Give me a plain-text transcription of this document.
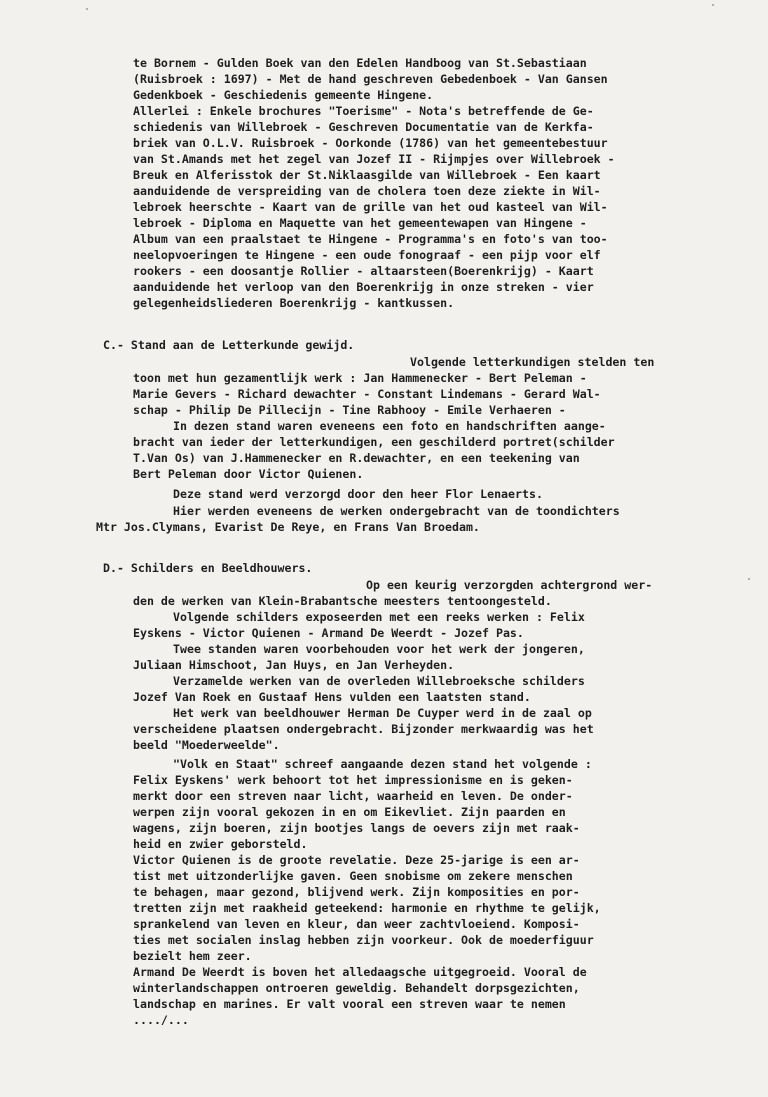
te Bornem - Gulden Boek van den Edelen Handboog van St.Sebastiaan
(Ruisbroek : 1697) - Met de hand geschreven Gebedenboek - Van Gansen
Gedenkboek - Geschiedenis gemeente Hingene.
Allerlei : Enkele brochures "Toerisme" - Nota's betreffende de Ge-
schiedenis van Willebroek - Geschreven Documentatie van de Kerkfa-
briek van O.L.V. Ruisbroek - Oorkonde (1786) van het gemeentebestuur
van St.Amands met het zegel van Jozef II - Rijmpjes over Willebroek -
Breuk en Alferisstok der St.Niklaasgilde van Willebroek - Een kaart
aanduidende de verspreiding van de cholera toen deze ziekte in Wil-
lebroek heerschte - Kaart van de grille van het oud kasteel van Wil-
lebroek - Diploma en Maquette van het gemeentewapen van Hingene -
Album van een praalstaet te Hingene - Programma's en foto's van too-
neelopvoeringen te Hingene - een oude fonograaf - een pijp voor elf
rookers - een doosantje Rollier - altaarsteen(Boerenkrijg) - Kaart
aanduidende het verloop van den Boerenkrijg in onze streken - vier
gelegenheidsliederen Boerenkrijg - kantkussen.
C.- Stand aan de Letterkunde gewijd.
Volgende letterkundigen stelden ten
toon met hun gezamentlijk werk : Jan Hammenecker - Bert Peleman -
Marie Gevers - Richard dewachter - Constant Lindemans - Gerard Wal-
schap - Philip De Pillecijn - Tine Rabhooy - Emile Verhaeren -
In dezen stand waren eveneens een foto en handschriften aange-
bracht van ieder der letterkundigen, een geschilderd portret(schilder
T.Van Os) van J.Hammenecker en R.dewachter, en een teekening van
Bert Peleman door Victor Quienen.
Deze stand werd verzorgd door den heer Flor Lenaerts.
Hier werden eveneens de werken ondergebracht van de toondichters
Mtr Jos.Clymans, Evarist De Reye, en Frans Van Broedam.
D.- Schilders en Beeldhouwers.
Op een keurig verzorgden achtergrond wer-
den de werken van Klein-Brabantsche meesters tentoongesteld.
Volgende schilders exposeerden met een reeks werken : Felix
Eyskens - Victor Quienen - Armand De Weerdt - Jozef Pas.
Twee standen waren voorbehouden voor het werk der jongeren,
Juliaan Himschoot, Jan Huys, en Jan Verheyden.
Verzamelde werken van de overleden Willebroeksche schilders
Jozef Van Roek en Gustaaf Hens vulden een laatsten stand.
Het werk van beeldhouwer Herman De Cuyper werd in de zaal op
verscheidene plaatsen ondergebracht. Bijzonder merkwaardig was het
beeld "Moederweelde".
"Volk en Staat" schreef aangaande dezen stand het volgende :
Felix Eyskens' werk behoort tot het impressionisme en is geken-
merkt door een streven naar licht, waarheid en leven. De onder-
werpen zijn vooral gekozen in en om Eikevliet. Zijn paarden en
wagens, zijn boeren, zijn bootjes langs de oevers zijn met raak-
heid en zwier geborsteld.
Victor Quienen is de groote revelatie. Deze 25-jarige is een ar-
tist met uitzonderlijke gaven. Geen snobisme om zekere menschen
te behagen, maar gezond, blijvend werk. Zijn komposities en por-
tretten zijn met raakheid geteekend: harmonie en rhythme te gelijk,
sprankelend van leven en kleur, dan weer zachtvloeiend. Komposi-
ties met socialen inslag hebben zijn voorkeur. Ook de moederfiguur
bezielt hem zeer.
Armand De Weerdt is boven het alledaagsche uitgegroeid. Vooral de
winterlandschappen ontroeren geweldig. Behandelt dorpsgezichten,
landschap en marines. Er valt vooral een streven waar te nemen
..../...
